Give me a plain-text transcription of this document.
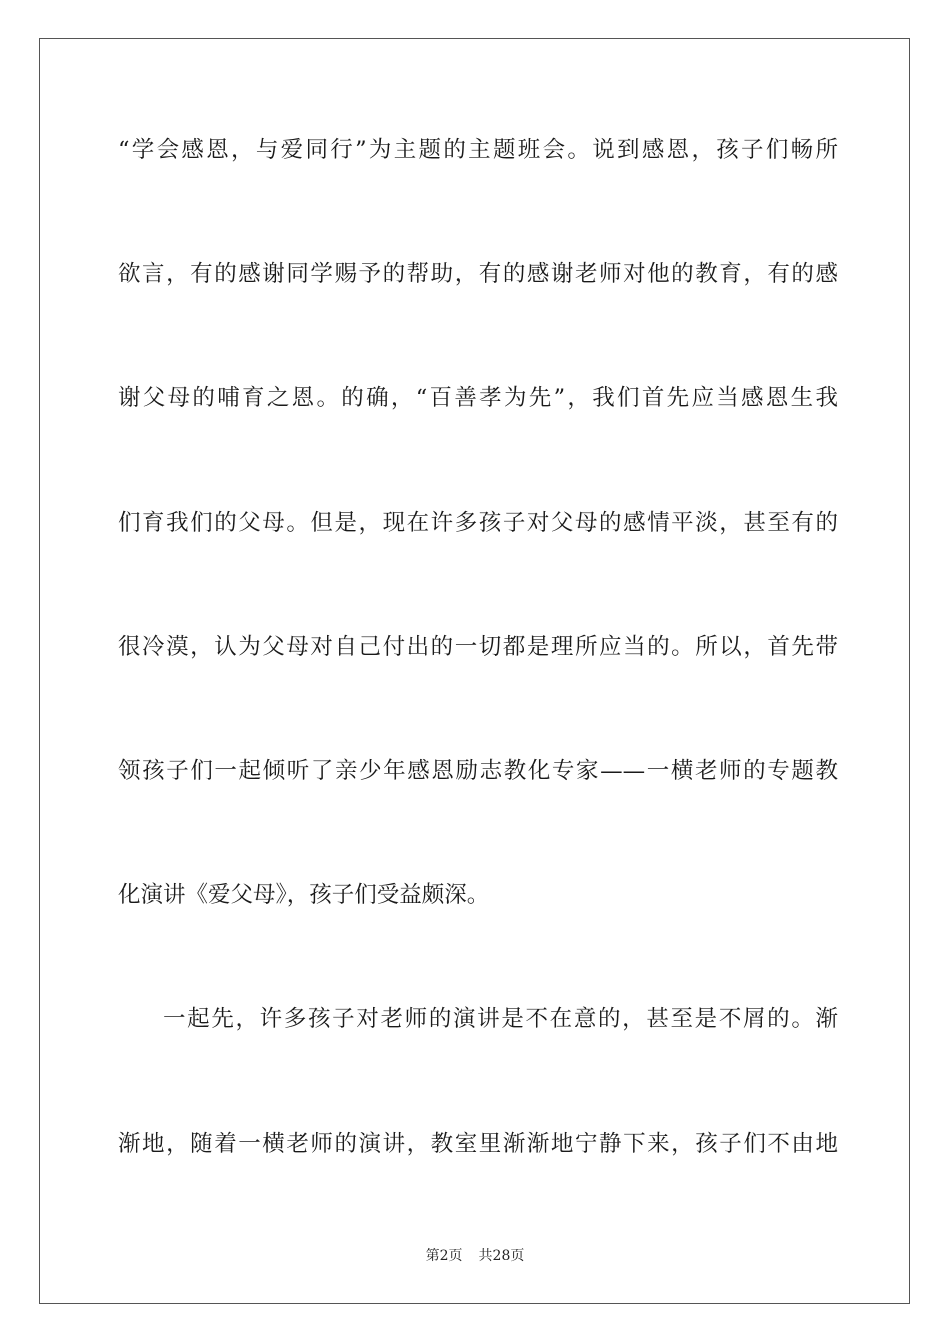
“学会感恩，与爱同行”为主题的主题班会。说到感恩，孩子们畅所
欲言，有的感谢同学赐予的帮助，有的感谢老师对他的教育，有的感
谢父母的哺育之恩。的确，“百善孝为先”，我们首先应当感恩生我
们育我们的父母。但是，现在许多孩子对父母的感情平淡，甚至有的
很冷漠，认为父母对自己付出的一切都是理所应当的。所以，首先带
领孩子们一起倾听了亲少年感恩励志教化专家——一横老师的专题教
化演讲《爱父母》，孩子们受益颇深。
一起先，许多孩子对老师的演讲是不在意的，甚至是不屑的。渐
渐地，随着一横老师的演讲，教室里渐渐地宁静下来，孩子们不由地
第2页 共28页
